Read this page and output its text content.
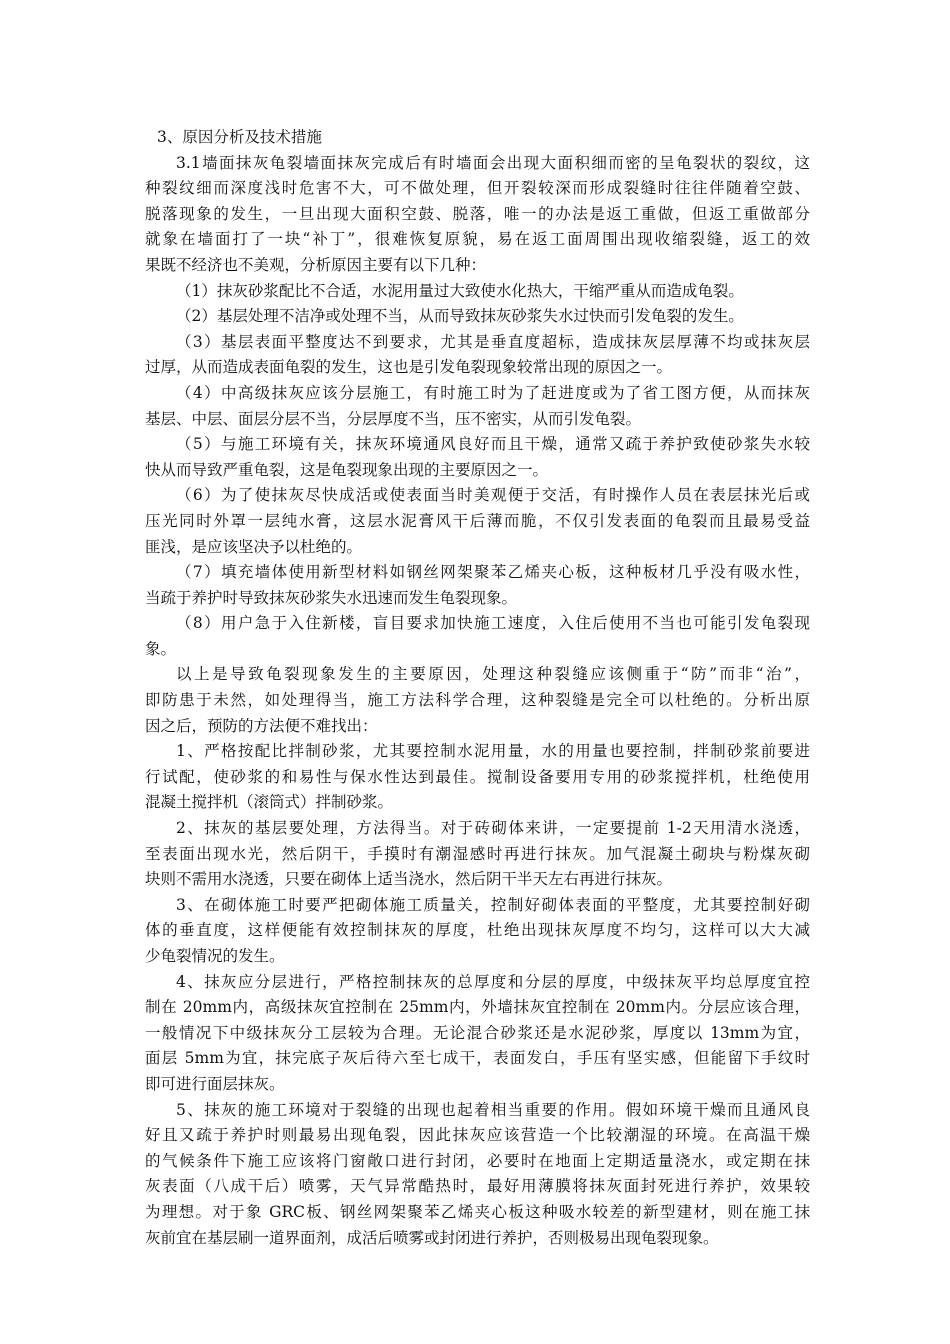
3、原因分析及技术措施
3.1墙面抹灰龟裂墙面抹灰完成后有时墙面会出现大面积细而密的呈龟裂状的裂纹，这
种裂纹细而深度浅时危害不大，可不做处理，但开裂较深而形成裂缝时往往伴随着空鼓、
脱落现象的发生，一旦出现大面积空鼓、脱落，唯一的办法是返工重做，但返工重做部分
就象在墙面打了一块“补丁”，很难恢复原貌，易在返工面周围出现收缩裂缝，返工的效
果既不经济也不美观，分析原因主要有以下几种：
（1）抹灰砂浆配比不合适，水泥用量过大致使水化热大，干缩严重从而造成龟裂。
（2）基层处理不洁净或处理不当，从而导致抹灰砂浆失水过快而引发龟裂的发生。
（3）基层表面平整度达不到要求，尤其是垂直度超标，造成抹灰层厚薄不均或抹灰层
过厚，从而造成表面龟裂的发生，这也是引发龟裂现象较常出现的原因之一。
（4）中高级抹灰应该分层施工，有时施工时为了赶进度或为了省工图方便，从而抹灰
基层、中层、面层分层不当，分层厚度不当，压不密实，从而引发龟裂。
（5）与施工环境有关，抹灰环境通风良好而且干燥，通常又疏于养护致使砂浆失水较
快从而导致严重龟裂，这是龟裂现象出现的主要原因之一。
（6）为了使抹灰尽快成活或使表面当时美观便于交活，有时操作人员在表层抹光后或
压光同时外罩一层纯水膏，这层水泥膏风干后薄而脆，不仅引发表面的龟裂而且最易受益
匪浅，是应该坚决予以杜绝的。
（7）填充墙体使用新型材料如钢丝网架聚苯乙烯夹心板，这种板材几乎没有吸水性，
当疏于养护时导致抹灰砂浆失水迅速而发生龟裂现象。
（8）用户急于入住新楼，盲目要求加快施工速度，入住后使用不当也可能引发龟裂现
象。
以上是导致龟裂现象发生的主要原因，处理这种裂缝应该侧重于“防”而非“治”，
即防患于未然，如处理得当，施工方法科学合理，这种裂缝是完全可以杜绝的。分析出原
因之后，预防的方法便不难找出：
1、严格按配比拌制砂浆，尤其要控制水泥用量，水的用量也要控制，拌制砂浆前要进
行试配，使砂浆的和易性与保水性达到最佳。搅制设备要用专用的砂浆搅拌机，杜绝使用
混凝土搅拌机（滚筒式）拌制砂浆。
2、抹灰的基层要处理，方法得当。对于砖砌体来讲，一定要提前 1-2天用清水浇透，
至表面出现水光，然后阴干，手摸时有潮湿感时再进行抹灰。加气混凝土砌块与粉煤灰砌
块则不需用水浇透，只要在砌体上适当浇水，然后阴干半天左右再进行抹灰。
3、在砌体施工时要严把砌体施工质量关，控制好砌体表面的平整度，尤其要控制好砌
体的垂直度，这样便能有效控制抹灰的厚度，杜绝出现抹灰厚度不均匀，这样可以大大减
少龟裂情况的发生。
4、抹灰应分层进行，严格控制抹灰的总厚度和分层的厚度，中级抹灰平均总厚度宜控
制在 20mm内，高级抹灰宜控制在 25mm内，外墙抹灰宜控制在 20mm内。分层应该合理，
一般情况下中级抹灰分工层较为合理。无论混合砂浆还是水泥砂浆，厚度以 13mm为宜，
面层 5mm为宜，抹完底子灰后待六至七成干，表面发白，手压有坚实感，但能留下手纹时
即可进行面层抹灰。
5、抹灰的施工环境对于裂缝的出现也起着相当重要的作用。假如环境干燥而且通风良
好且又疏于养护时则最易出现龟裂，因此抹灰应该营造一个比较潮湿的环境。在高温干燥
的气候条件下施工应该将门窗敞口进行封闭，必要时在地面上定期适量浇水，或定期在抹
灰表面（八成干后）喷雾，天气异常酷热时，最好用薄膜将抹灰面封死进行养护，效果较
为理想。对于象 GRC板、钢丝网架聚苯乙烯夹心板这种吸水较差的新型建材，则在施工抹
灰前宜在基层刷一道界面剂，成活后喷雾或封闭进行养护，否则极易出现龟裂现象。
